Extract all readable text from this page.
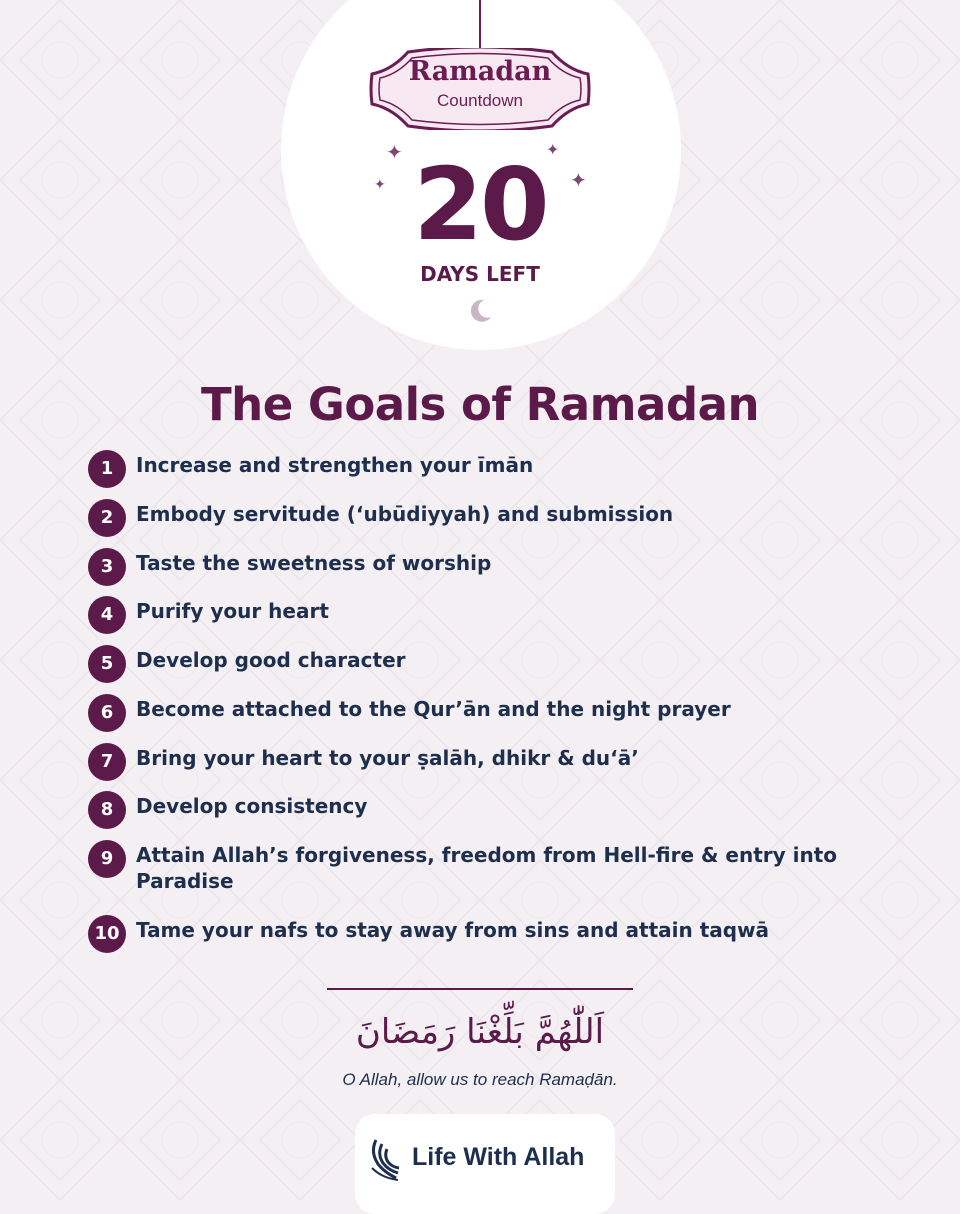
Ramadan
Countdown
✦	✦
✦	✦
20
DAYS LEFT
The Goals of Ramadan
1	Increase and strengthen your īmān
2	Embody servitude (‘ubūdiyyah) and submission
3	Taste the sweetness of worship
4	Purify your heart
5	Develop good character
6	Become attached to the Qur’ān and the night prayer
7	Bring your heart to your ṣalāh, dhikr & du‘ā’
8	Develop consistency
9	Attain Allah’s forgiveness, freedom from Hell-fire & entry into Paradise
10 Tame your nafs to stay away from sins and attain taqwā
اَللّٰهُمَّ بَلِّغْنَا رَمَضَانَ
O Allah, allow us to reach Ramaḍān.
Life With Allah
